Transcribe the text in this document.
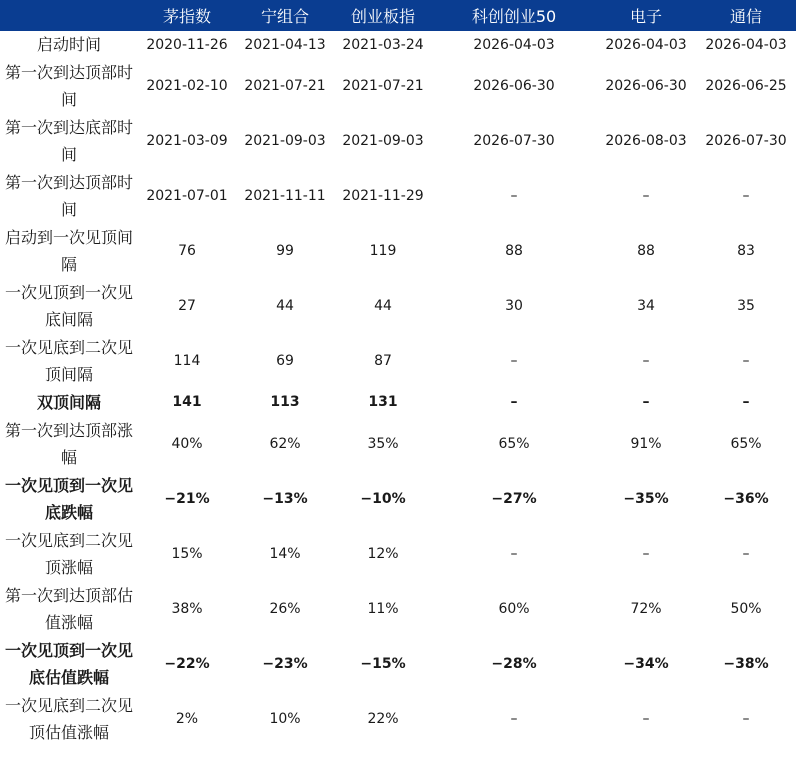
	茅指数	宁组合	创业板指	科创创业50	电子	通信
启动时间	2020-11-26	2021-04-13	2021-03-24	2026-04-03	2026-04-03	2026-04-03
第一次到达顶部时间	2021-02-10	2021-07-21	2021-07-21	2026-06-30	2026-06-30	2026-06-25
第一次到达底部时间	2021-03-09	2021-09-03	2021-09-03	2026-07-30	2026-08-03	2026-07-30
第一次到达顶部时间	2021-07-01	2021-11-11	2021-11-29	–	–	–
启动到一次见顶间隔	76	99	119	88	88	83
一次见顶到一次见底间隔	27	44	44	30	34	35
一次见底到二次见顶间隔	114	69	87	–	–	–
双顶间隔	141	113	131	–	–	–
第一次到达顶部涨幅	40%	62%	35%	65%	91%	65%
一次见顶到一次见底跌幅	−21%	−13%	−10%	−27%	−35%	−36%
一次见底到二次见顶涨幅	15%	14%	12%	–	–	–
第一次到达顶部估值涨幅	38%	26%	11%	60%	72%	50%
一次见顶到一次见底估值跌幅	−22%	−23%	−15%	−28%	−34%	−38%
一次见底到二次见顶估值涨幅	2%	10%	22%	–	–	–
